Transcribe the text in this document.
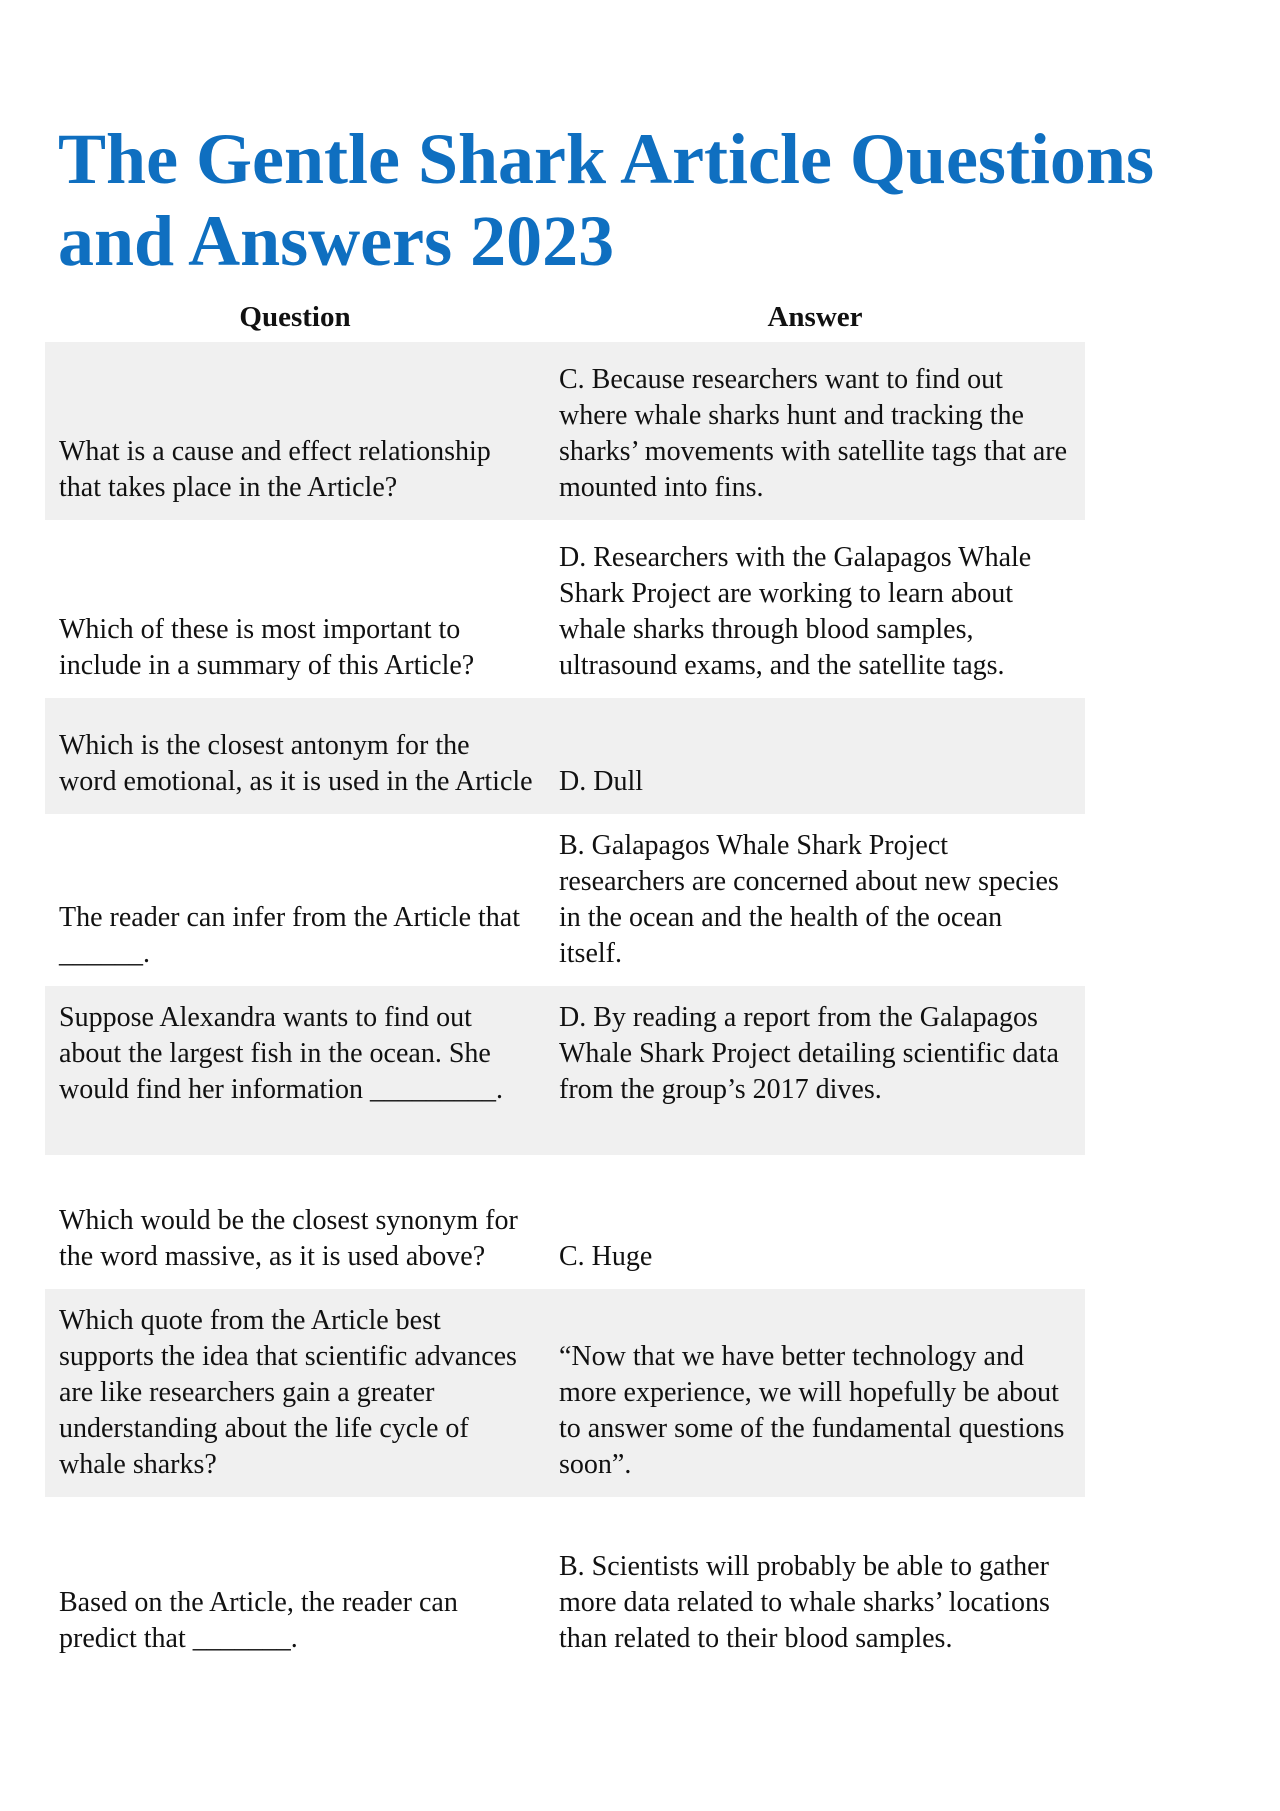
The Gentle Shark Article Questions and Answers 2023
Question	Answer
What is a cause and effect relationship that takes place in the Article?	C. Because researchers want to find out where whale sharks hunt and tracking the sharks’ movements with satellite tags that are mounted into fins.
Which of these is most important to include in a summary of this Article?	D. Researchers with the Galapagos Whale Shark Project are working to learn about whale sharks through blood samples, ultrasound exams, and the satellite tags.
Which is the closest antonym for the word emotional, as it is used in the Article	D. Dull
The reader can infer from the Article that ______.	B. Galapagos Whale Shark Project researchers are concerned about new species in the ocean and the health of the ocean itself.
Suppose Alexandra wants to find out about the largest fish in the ocean. She would find her information _________.	D. By reading a report from the Galapagos Whale Shark Project detailing scientific data from the group’s 2017 dives.
Which would be the closest synonym for the word massive, as it is used above?	C. Huge
Which quote from the Article best supports the idea that scientific advances are like researchers gain a greater understanding about the life cycle of whale sharks?	“Now that we have better technology and more experience, we will hopefully be about to answer some of the fundamental questions soon”.
Based on the Article, the reader can predict that _______.	B. Scientists will probably be able to gather more data related to whale sharks’ locations than related to their blood samples.
